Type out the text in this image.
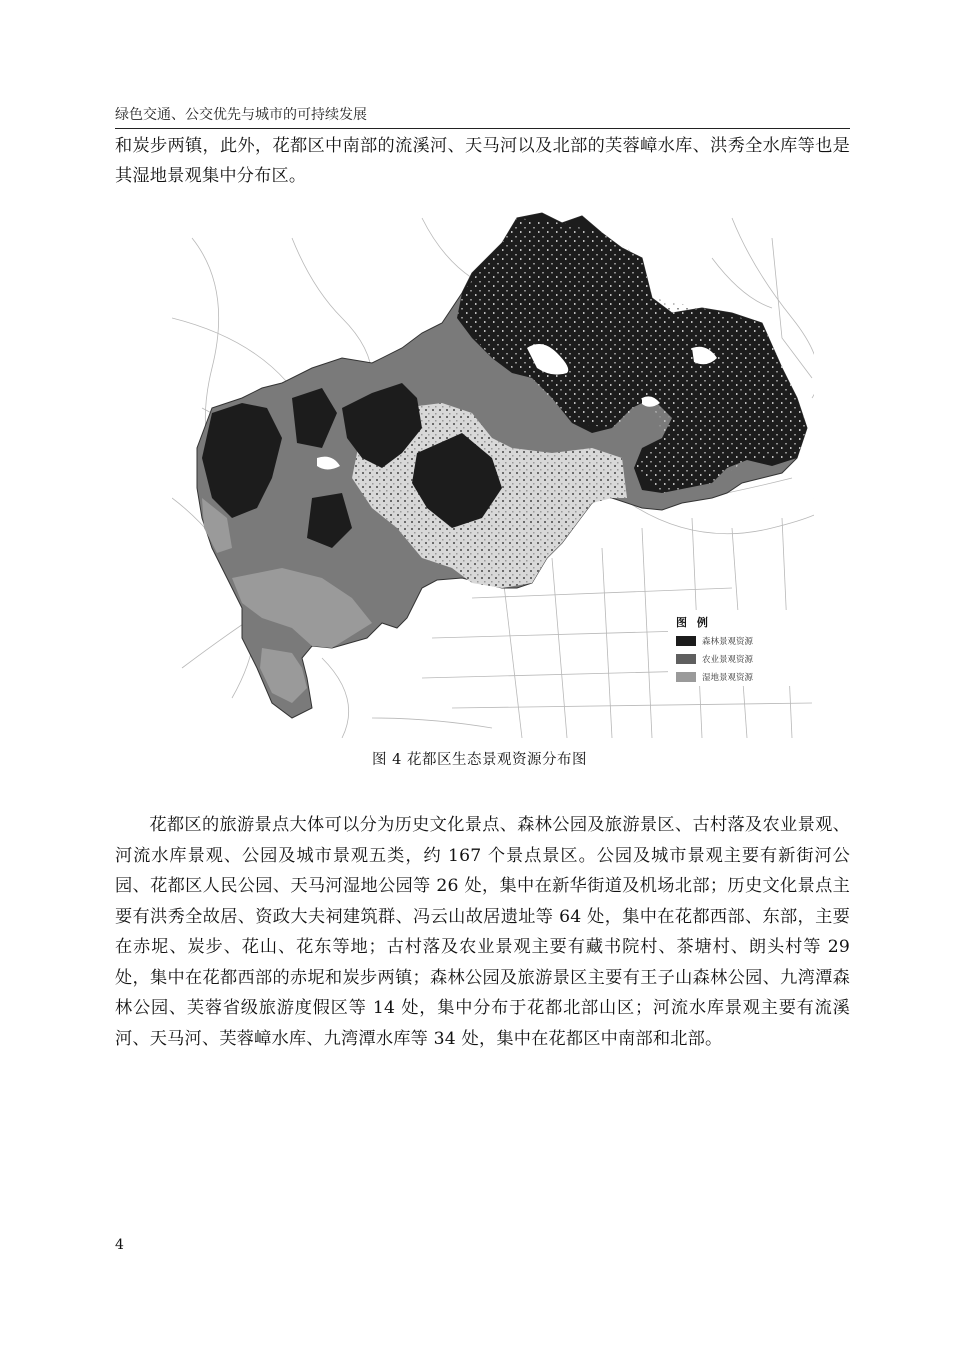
绿色交通、公交优先与城市的可持续发展

和炭步两镇，此外，花都区中南部的流溪河、天马河以及北部的芙蓉嶂水库、洪秀全水库等也是其湿地景观集中分布区。

图 例
森林景观资源
农业景观资源
湿地景观资源
图 4 花都区生态景观资源分布图

花都区的旅游景点大体可以分为历史文化景点、森林公园及旅游景区、古村落及农业景观、河流水库景观、公园及城市景观五类，约 167 个景点景区。公园及城市景观主要有新街河公园、花都区人民公园、天马河湿地公园等 26 处，集中在新华街道及机场北部；历史文化景点主要有洪秀全故居、资政大夫祠建筑群、冯云山故居遗址等 64 处，集中在花都西部、东部，主要在赤坭、炭步、花山、花东等地；古村落及农业景观主要有藏书院村、茶塘村、朗头村等 29 处，集中在花都西部的赤坭和炭步两镇；森林公园及旅游景区主要有王子山森林公园、九湾潭森林公园、芙蓉省级旅游度假区等 14 处，集中分布于花都北部山区；河流水库景观主要有流溪河、天马河、芙蓉嶂水库、九湾潭水库等 34 处，集中在花都区中南部和北部。

4
